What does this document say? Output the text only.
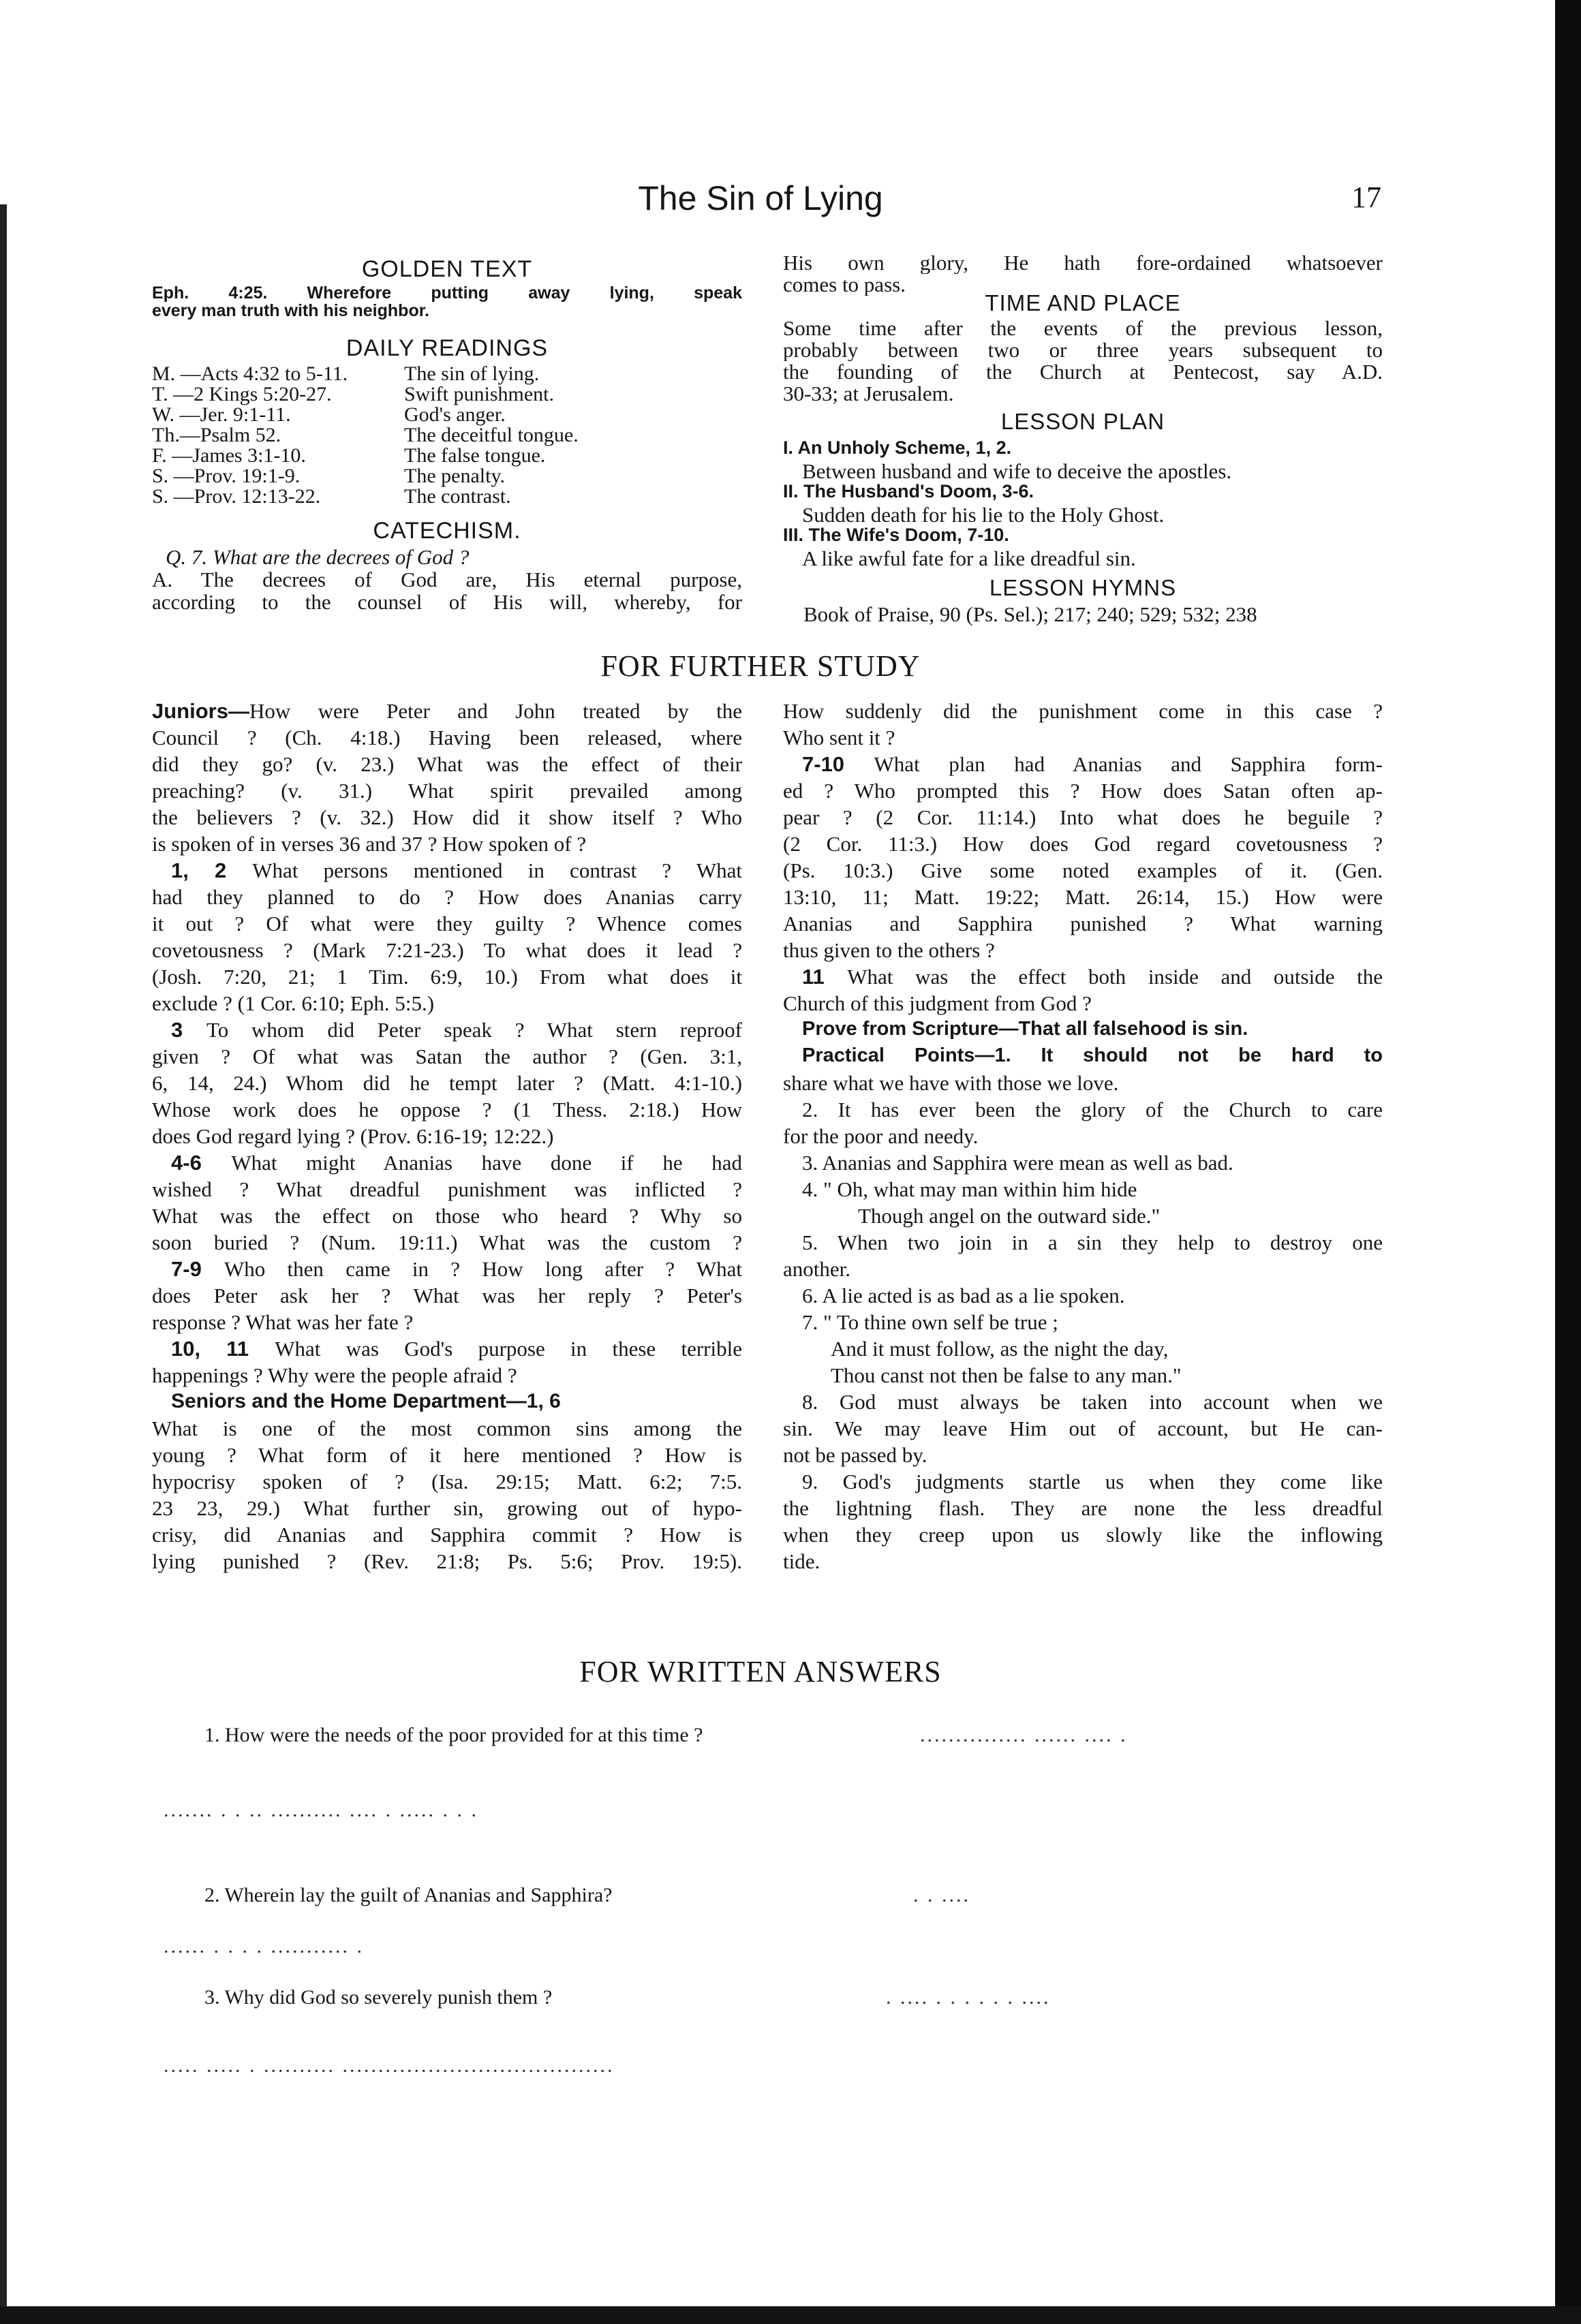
The Sin of Lying	17
GOLDEN TEXT
Eph. 4:25. Wherefore putting away lying, speak
every man truth with his neighbor.
DAILY READINGS
M. —Acts 4:32 to 5-11.	The sin of lying.
T. —2 Kings 5:20-27.	Swift punishment.
W. —Jer. 9:1-11.	God's anger.
Th.—Psalm 52.	The deceitful tongue.
F. —James 3:1-10.	The false tongue.
S. —Prov. 19:1-9.	The penalty.
S. —Prov. 12:13-22.	The contrast.
CATECHISM.
Q. 7. What are the decrees of God ?
A. The decrees of God are, His eternal purpose,
according to the counsel of His will, whereby, for
His own glory, He hath fore-ordained whatsoever
comes to pass.
TIME AND PLACE
Some time after the events of the previous lesson,
probably between two or three years subsequent to
the founding of the Church at Pentecost, say A.D.
30-33; at Jerusalem.
LESSON PLAN
I. An Unholy Scheme, 1, 2.
Between husband and wife to deceive the apostles.
II. The Husband's Doom, 3-6.
Sudden death for his lie to the Holy Ghost.
III. The Wife's Doom, 7-10.
A like awful fate for a like dreadful sin.
LESSON HYMNS
Book of Praise, 90 (Ps. Sel.); 217; 240; 529; 532; 238
FOR FURTHER STUDY
Juniors—How were Peter and John treated by the
Council ? (Ch. 4:18.) Having been released, where
did they go? (v. 23.) What was the effect of their
preaching? (v. 31.) What spirit prevailed among
the believers ? (v. 32.) How did it show itself ? Who
is spoken of in verses 36 and 37 ? How spoken of ?
1, 2 What persons mentioned in contrast ? What
had they planned to do ? How does Ananias carry
it out ? Of what were they guilty ? Whence comes
covetousness ? (Mark 7:21-23.) To what does it lead ?
(Josh. 7:20, 21; 1 Tim. 6:9, 10.) From what does it
exclude ? (1 Cor. 6:10; Eph. 5:5.)
3 To whom did Peter speak ? What stern reproof
given ? Of what was Satan the author ? (Gen. 3:1,
6, 14, 24.) Whom did he tempt later ? (Matt. 4:1-10.)
Whose work does he oppose ? (1 Thess. 2:18.) How
does God regard lying ? (Prov. 6:16-19; 12:22.)
4-6 What might Ananias have done if he had
wished ? What dreadful punishment was inflicted ?
What was the effect on those who heard ? Why so
soon buried ? (Num. 19:11.) What was the custom ?
7-9 Who then came in ? How long after ? What
does Peter ask her ? What was her reply ? Peter's
response ? What was her fate ?
10, 11 What was God's purpose in these terrible
happenings ? Why were the people afraid ?
Seniors and the Home Department—1, 6
What is one of the most common sins among the
young ? What form of it here mentioned ? How is
hypocrisy spoken of ? (Isa. 29:15; Matt. 6:2; 7:5.
23 23, 29.) What further sin, growing out of hypo-
crisy, did Ananias and Sapphira commit ? How is
lying punished ? (Rev. 21:8; Ps. 5:6; Prov. 19:5).
How suddenly did the punishment come in this case ?
Who sent it ?
7-10 What plan had Ananias and Sapphira form-
ed ? Who prompted this ? How does Satan often ap-
pear ? (2 Cor. 11:14.) Into what does he beguile ?
(2 Cor. 11:3.) How does God regard covetousness ?
(Ps. 10:3.) Give some noted examples of it. (Gen.
13:10, 11; Matt. 19:22; Matt. 26:14, 15.) How were
Ananias and Sapphira punished ? What warning
thus given to the others ?
11 What was the effect both inside and outside the
Church of this judgment from God ?
Prove from Scripture—That all falsehood is sin.
Practical Points—1. It should not be hard to
share what we have with those we love.
2. It has ever been the glory of the Church to care
for the poor and needy.
3. Ananias and Sapphira were mean as well as bad.
4. " Oh, what may man within him hide
Though angel on the outward side."
5. When two join in a sin they help to destroy one
another.
6. A lie acted is as bad as a lie spoken.
7. " To thine own self be true ;
And it must follow, as the night the day,
Thou canst not then be false to any man."
8. God must always be taken into account when we
sin. We may leave Him out of account, but He can-
not be passed by.
9. God's judgments startle us when they come like
the lightning flash. They are none the less dreadful
when they creep upon us slowly like the inflowing
tide.
FOR WRITTEN ANSWERS
1. How were the needs of the poor provided for at this time ?	............... ...... .... .
....... . . .. .......... .... . ..... . . .
2. Wherein lay the guilt of Ananias and Sapphira?	. . ....
...... . . . . ........... .
3. Why did God so severely punish them ?	. .... . . . . . . ....
..... ..... . .......... ......................................
